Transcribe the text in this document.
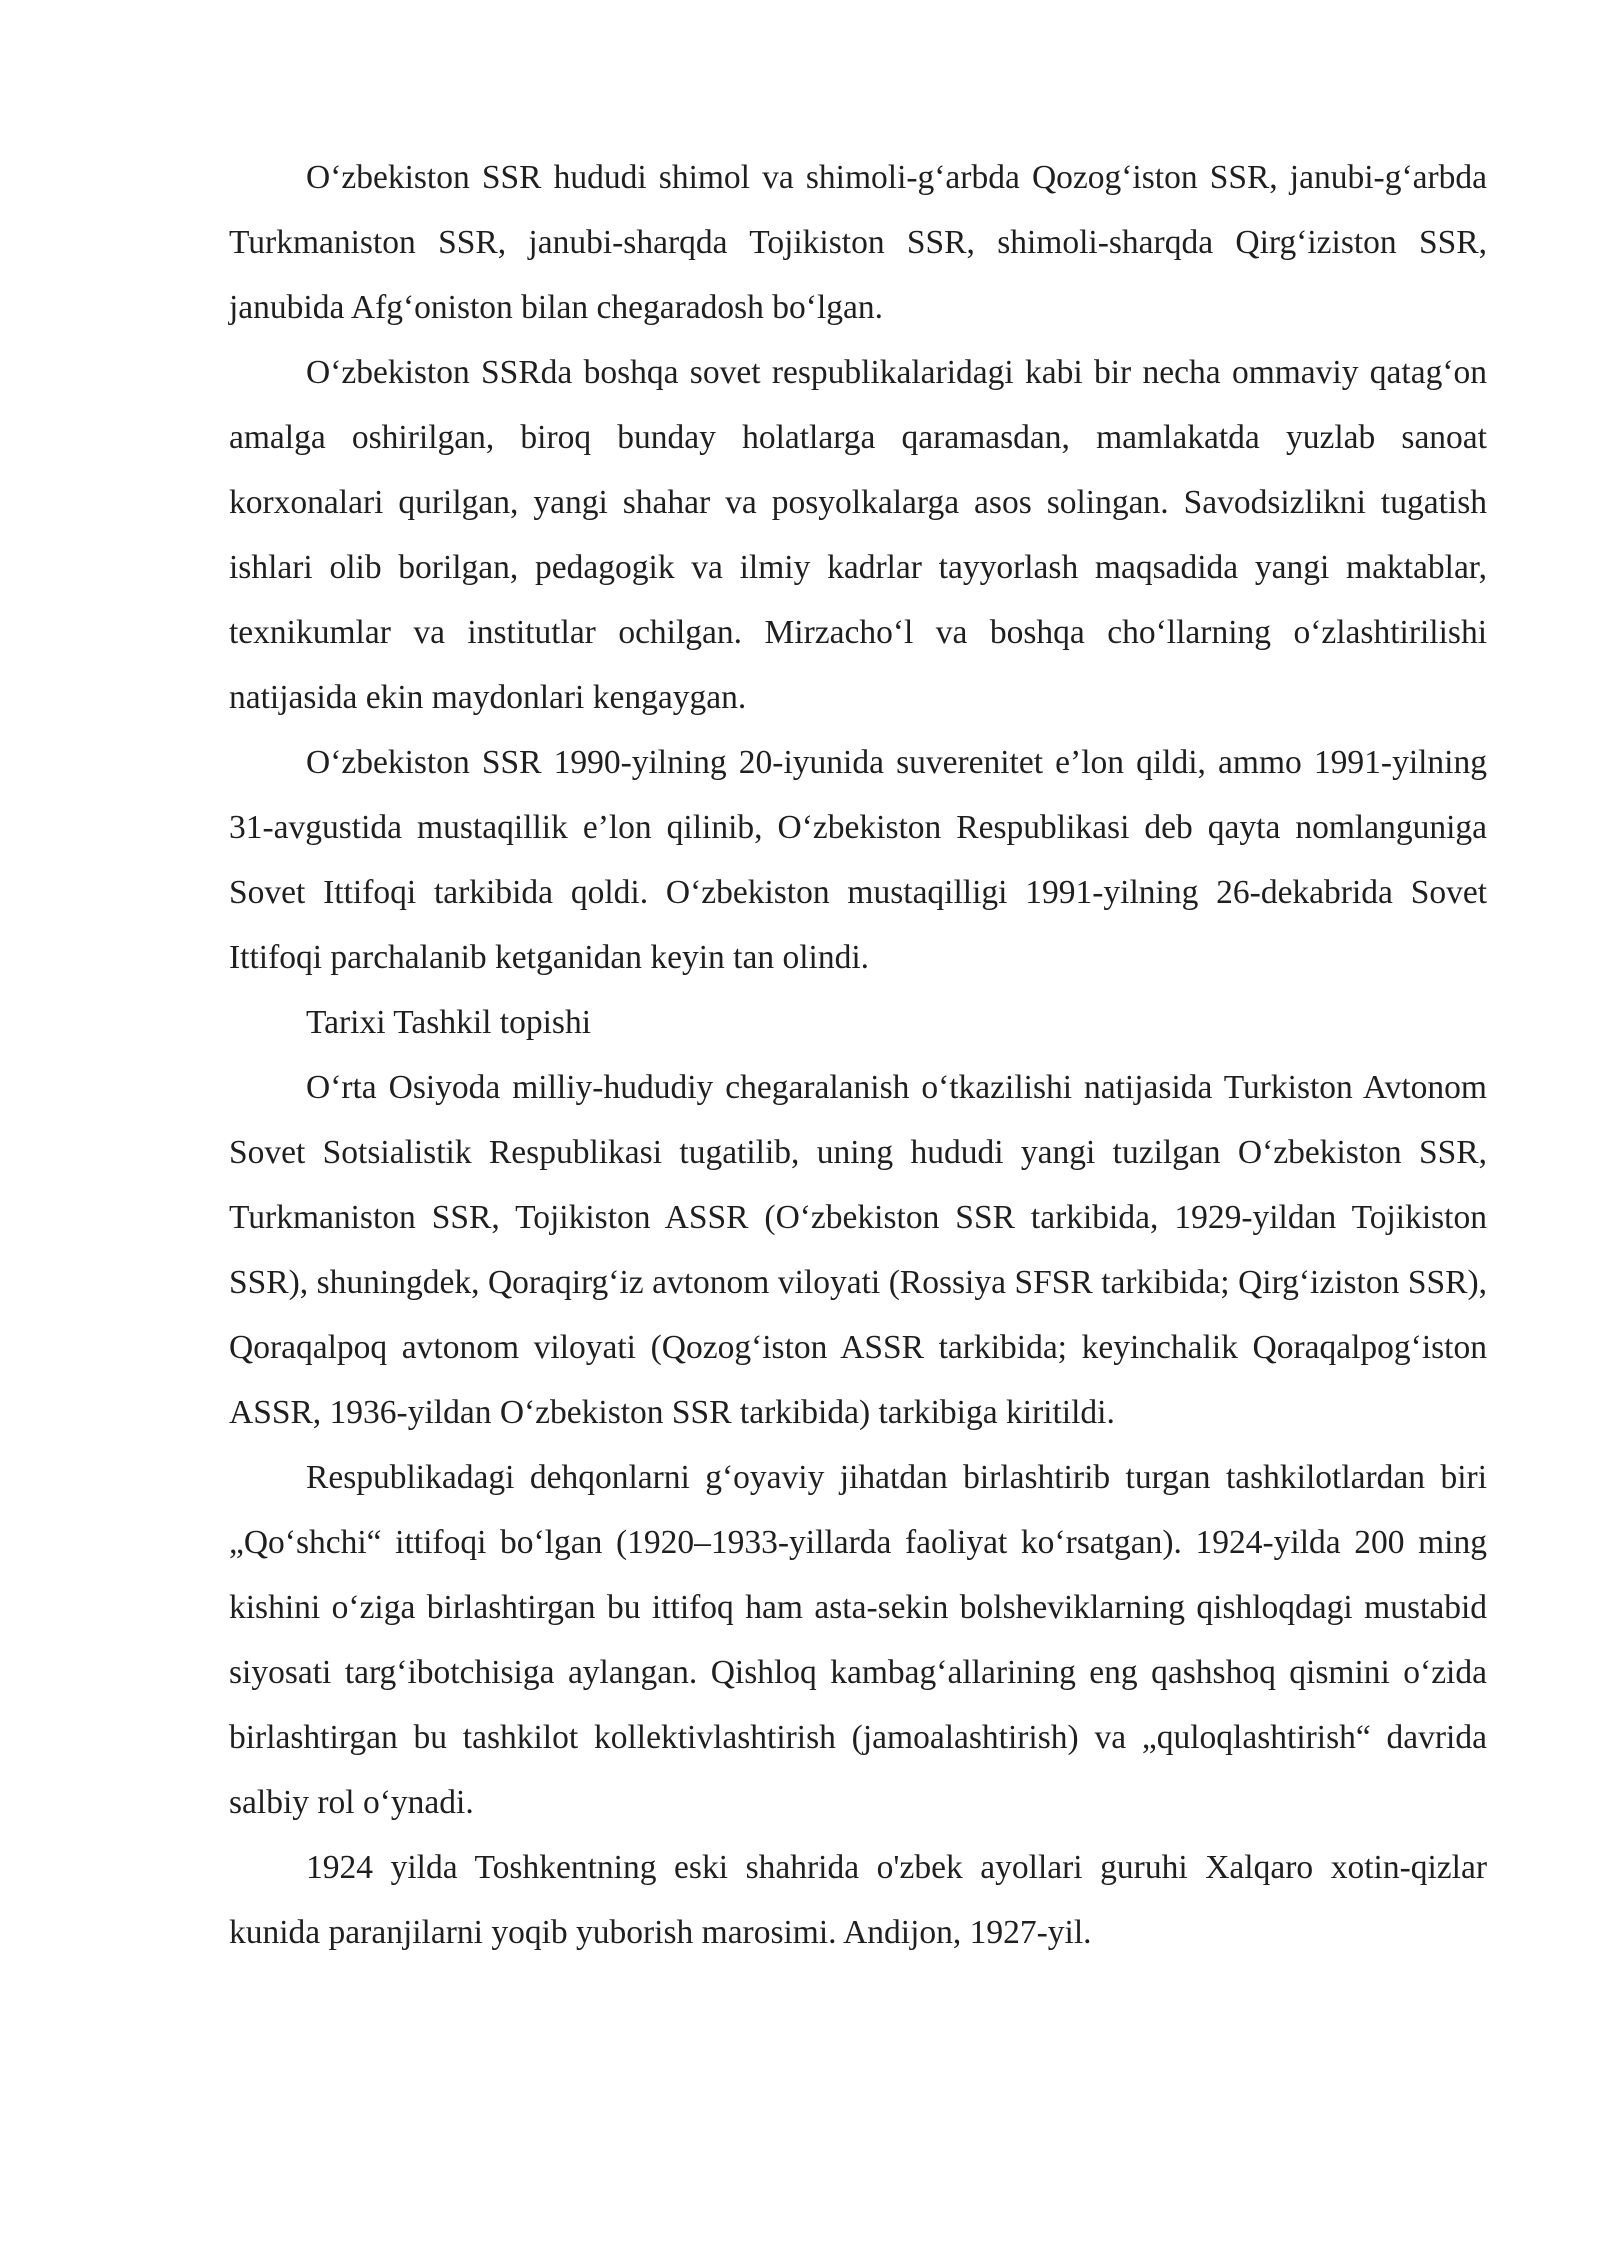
O‘zbekiston SSR hududi shimol va shimoli-g‘arbda Qozog‘iston SSR, janubi-g‘arbda Turkmaniston SSR, janubi-sharqda Tojikiston SSR, shimoli-sharqda Qirg‘iziston SSR, janubida Afg‘oniston bilan chegaradosh bo‘lgan.

O‘zbekiston SSRda boshqa sovet respublikalaridagi kabi bir necha ommaviy qatag‘on amalga oshirilgan, biroq bunday holatlarga qaramasdan, mamlakatda yuzlab sanoat korxonalari qurilgan, yangi shahar va posyolkalarga asos solingan. Savodsizlikni tugatish ishlari olib borilgan, pedagogik va ilmiy kadrlar tayyorlash maqsadida yangi maktablar, texnikumlar va institutlar ochilgan. Mirzacho‘l va boshqa cho‘llarning o‘zlashtirilishi natijasida ekin maydonlari kengaygan.

O‘zbekiston SSR 1990-yilning 20-iyunida suverenitet e’lon qildi, ammo 1991-yilning 31-avgustida mustaqillik e’lon qilinib, O‘zbekiston Respublikasi deb qayta nomlanguniga Sovet Ittifoqi tarkibida qoldi. O‘zbekiston mustaqilligi 1991-yilning 26-dekabrida Sovet Ittifoqi parchalanib ketganidan keyin tan olindi.

Tarixi Tashkil topishi

O‘rta Osiyoda milliy-hududiy chegaralanish o‘tkazilishi natijasida Turkiston Avtonom Sovet Sotsialistik Respublikasi tugatilib, uning hududi yangi tuzilgan O‘zbekiston SSR, Turkmaniston SSR, Tojikiston ASSR (O‘zbekiston SSR tarkibida, 1929-yildan Tojikiston SSR), shuningdek, Qoraqirg‘iz avtonom viloyati (Rossiya SFSR tarkibida; Qirg‘iziston SSR), Qoraqalpoq avtonom viloyati (Qozog‘iston ASSR tarkibida; keyinchalik Qoraqalpog‘iston ASSR, 1936-yildan O‘zbekiston SSR tarkibida) tarkibiga kiritildi.

Respublikadagi dehqonlarni g‘oyaviy jihatdan birlashtirib turgan tashkilotlardan biri „Qo‘shchi“ ittifoqi bo‘lgan (1920–1933-yillarda faoliyat ko‘rsatgan). 1924-yilda 200 ming kishini o‘ziga birlashtirgan bu ittifoq ham asta-sekin bolsheviklarning qishloqdagi mustabid siyosati targ‘ibotchisiga aylangan. Qishloq kambag‘allarining eng qashshoq qismini o‘zida birlashtirgan bu tashkilot kollektivlashtirish (jamoalashtirish) va „quloqlashtirish“ davrida salbiy rol o‘ynadi.

1924 yilda Toshkentning eski shahrida o'zbek ayollari guruhi Xalqaro xotin-qizlar kunida paranjilarni yoqib yuborish marosimi. Andijon, 1927-yil.
